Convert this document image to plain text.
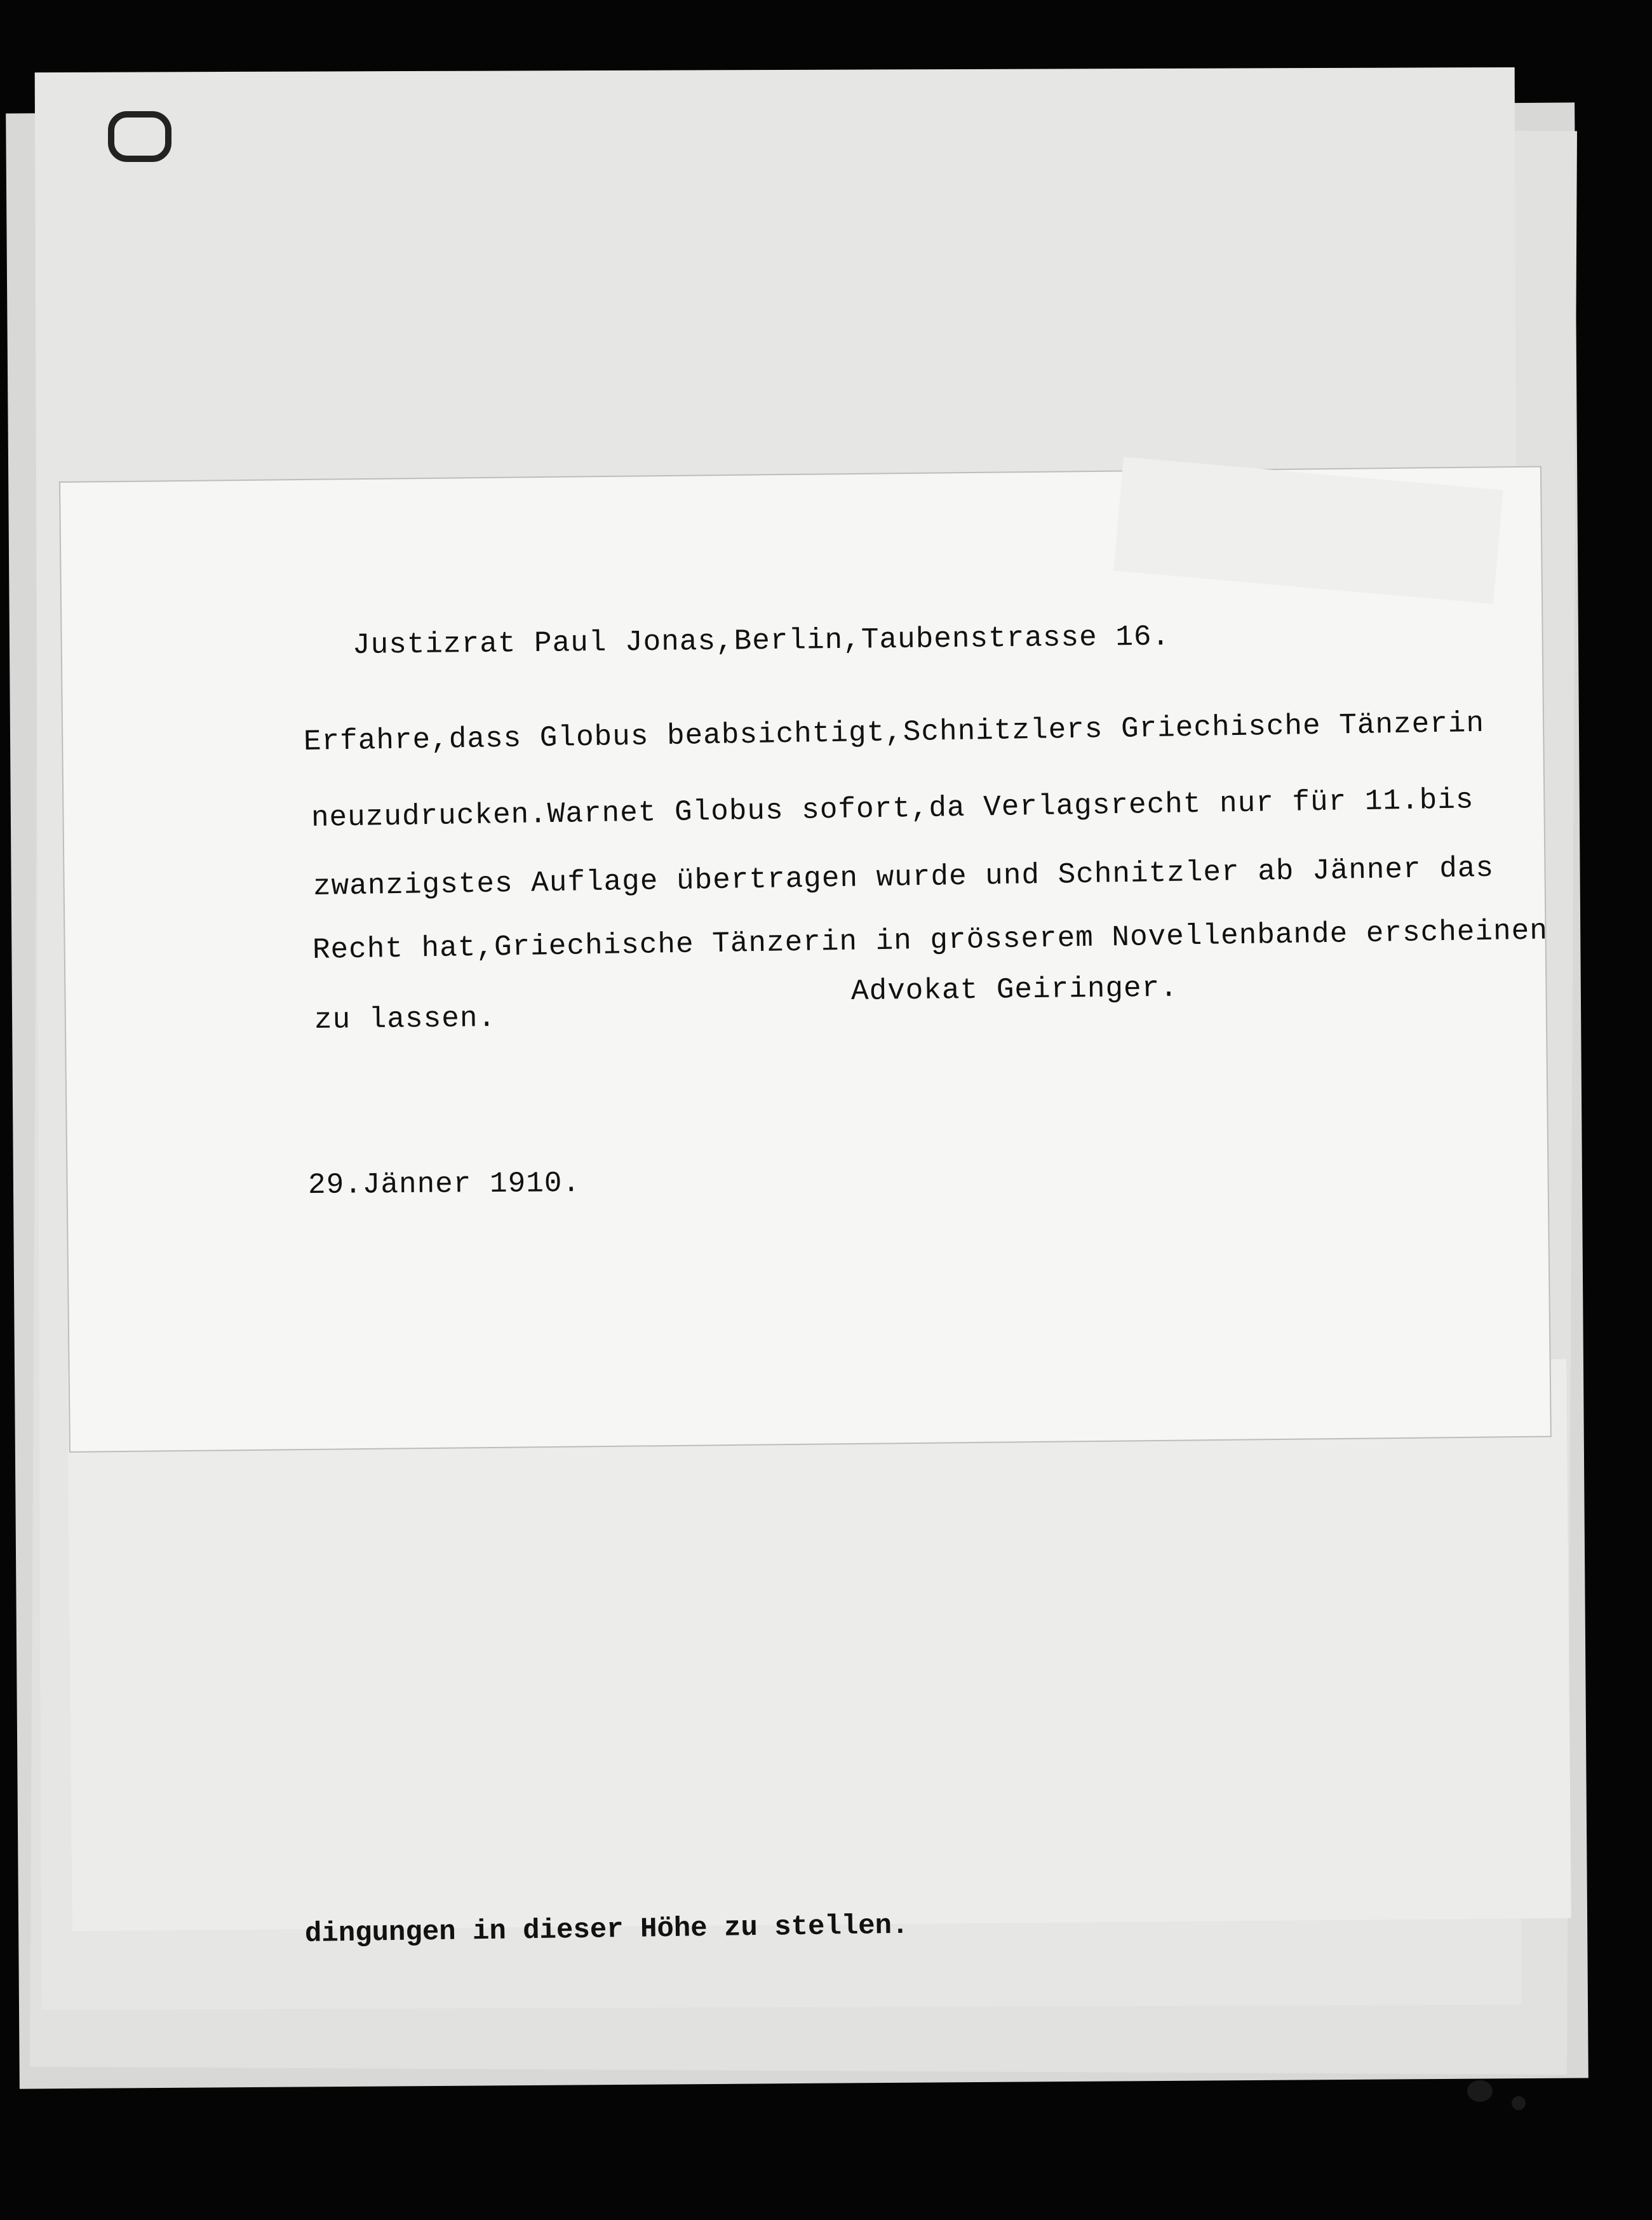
Justizrat Paul Jonas,Berlin,Taubenstrasse 16.
Erfahre,dass Globus beabsichtigt,Schnitzlers Griechische Tänzerin
neuzudrucken.Warnet Globus sofort,da Verlagsrecht nur für 11.bis
zwanzigstes Auflage übertragen wurde und Schnitzler ab Jänner das
Recht hat,Griechische Tänzerin in grösserem Novellenbande erscheinen
zu lassen.
Advokat Geiringer.
29.Jänner 1910.
dingungen in dieser Höhe zu stellen.
